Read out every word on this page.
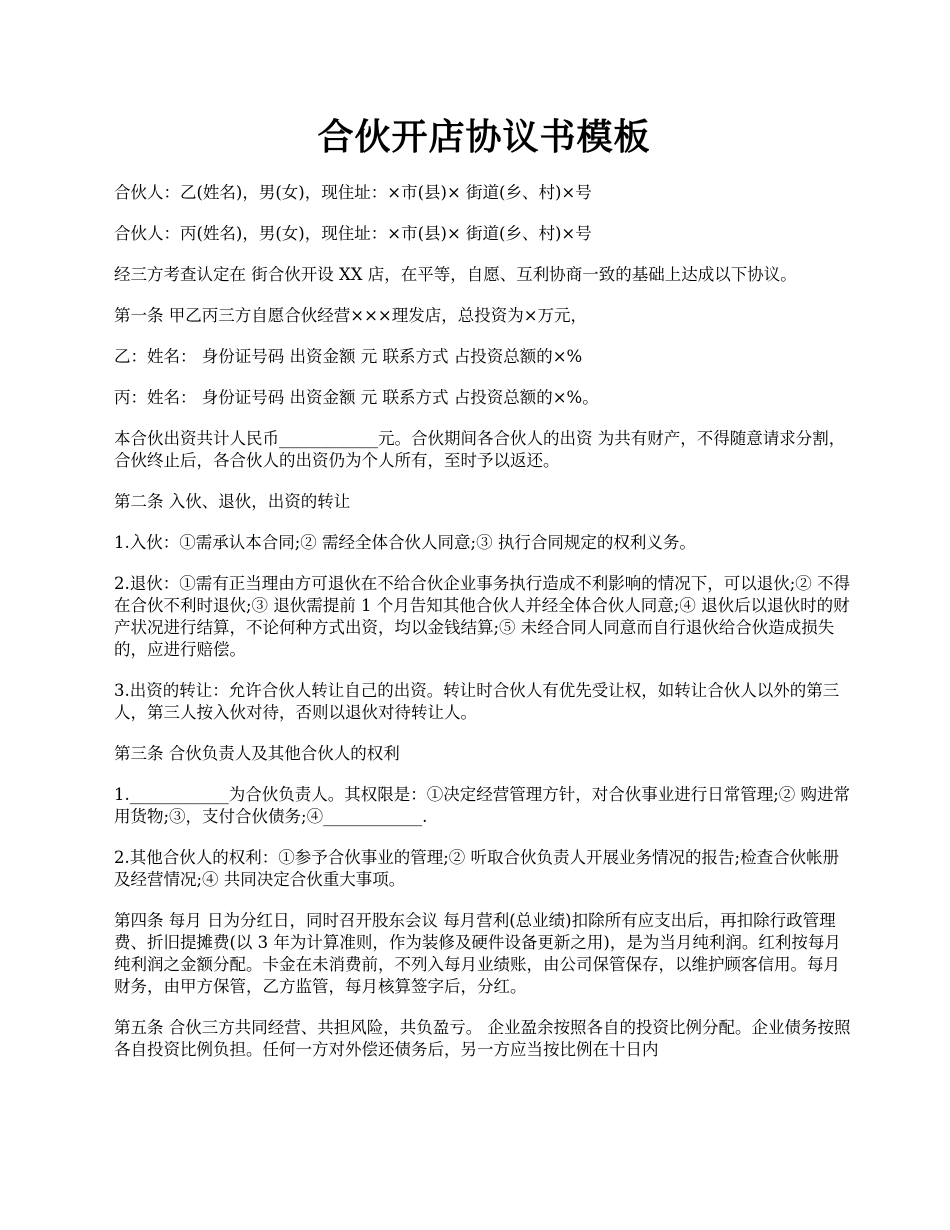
合伙开店协议书模板

合伙人：乙(姓名)，男(女)，现住址：×市(县)× 街道(乡、村)×号

合伙人：丙(姓名)，男(女)，现住址：×市(县)× 街道(乡、村)×号

经三方考查认定在 街合伙开设 XX 店，在平等，自愿、互利协商一致的基础上达成以下协议。

第一条 甲乙丙三方自愿合伙经营×××理发店，总投资为×万元，

乙：姓名： 身份证号码 出资金额 元 联系方式 占投资总额的×%

丙：姓名： 身份证号码 出资金额 元 联系方式 占投资总额的×%。

本合伙出资共计人民币____________元。合伙期间各合伙人的出资 为共有财产，不得随意请求分割，合伙终止后，各合伙人的出资仍为个人所有，至时予以返还。

第二条 入伙、退伙，出资的转让

1.入伙：①需承认本合同;② 需经全体合伙人同意;③ 执行合同规定的权利义务。

2.退伙：①需有正当理由方可退伙在不给合伙企业事务执行造成不利影响的情况下，可以退伙;② 不得在合伙不利时退伙;③ 退伙需提前 1 个月告知其他合伙人并经全体合伙人同意;④ 退伙后以退伙时的财产状况进行结算，不论何种方式出资，均以金钱结算;⑤ 未经合同人同意而自行退伙给合伙造成损失的，应进行赔偿。

3.出资的转让：允许合伙人转让自己的出资。转让时合伙人有优先受让权，如转让合伙人以外的第三人，第三人按入伙对待，否则以退伙对待转让人。

第三条 合伙负责人及其他合伙人的权利

1.____________为合伙负责人。其权限是：①决定经营管理方针，对合伙事业进行日常管理;② 购进常用货物;③，支付合伙债务;④____________.

2.其他合伙人的权利：①参予合伙事业的管理;② 听取合伙负责人开展业务情况的报告;检查合伙帐册及经营情况;④ 共同决定合伙重大事项。

第四条 每月 日为分红日，同时召开股东会议 每月营利(总业绩)扣除所有应支出后，再扣除行政管理费、折旧提摊费(以 3 年为计算准则，作为装修及硬件设备更新之用)，是为当月纯利润。红利按每月纯利润之金额分配。卡金在未消费前，不列入每月业绩账，由公司保管保存，以维护顾客信用。每月财务，由甲方保管，乙方监管，每月核算签字后，分红。

第五条 合伙三方共同经营、共担风险，共负盈亏。 企业盈余按照各自的投资比例分配。企业债务按照各自投资比例负担。任何一方对外偿还债务后，另一方应当按比例在十日内
